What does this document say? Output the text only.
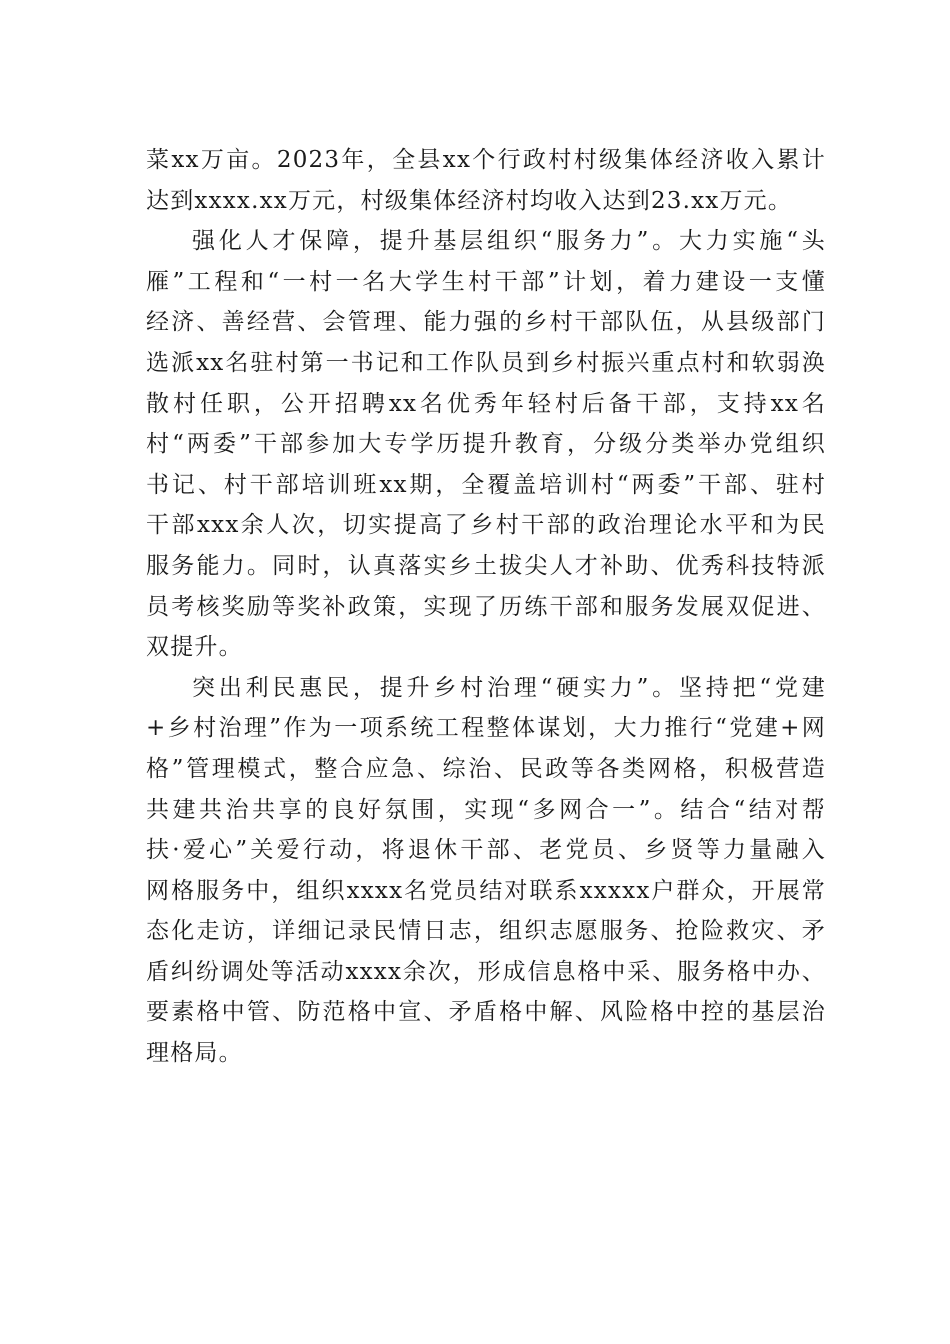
菜xx万亩。2023年，全县xx个行政村村级集体经济收入累计
达到xxxx.xx万元，村级集体经济村均收入达到23.xx万元。

强化人才保障，提升基层组织“服务力”。大力实施“头
雁”工程和“一村一名大学生村干部”计划，着力建设一支懂
经济、善经营、会管理、能力强的乡村干部队伍，从县级部门
选派xx名驻村第一书记和工作队员到乡村振兴重点村和软弱涣
散村任职，公开招聘xx名优秀年轻村后备干部，支持xx名
村“两委”干部参加大专学历提升教育，分级分类举办党组织
书记、村干部培训班xx期，全覆盖培训村“两委”干部、驻村
干部xxx余人次，切实提高了乡村干部的政治理论水平和为民
服务能力。同时，认真落实乡土拔尖人才补助、优秀科技特派
员考核奖励等奖补政策，实现了历练干部和服务发展双促进、
双提升。

突出利民惠民，提升乡村治理“硬实力”。坚持把“党建
+乡村治理”作为一项系统工程整体谋划，大力推行“党建+网
格”管理模式，整合应急、综治、民政等各类网格，积极营造
共建共治共享的良好氛围，实现“多网合一”。结合“结对帮
扶·爱心”关爱行动，将退休干部、老党员、乡贤等力量融入
网格服务中，组织xxxx名党员结对联系xxxxx户群众，开展常
态化走访，详细记录民情日志，组织志愿服务、抢险救灾、矛
盾纠纷调处等活动xxxx余次，形成信息格中采、服务格中办、
要素格中管、防范格中宣、矛盾格中解、风险格中控的基层治
理格局。
